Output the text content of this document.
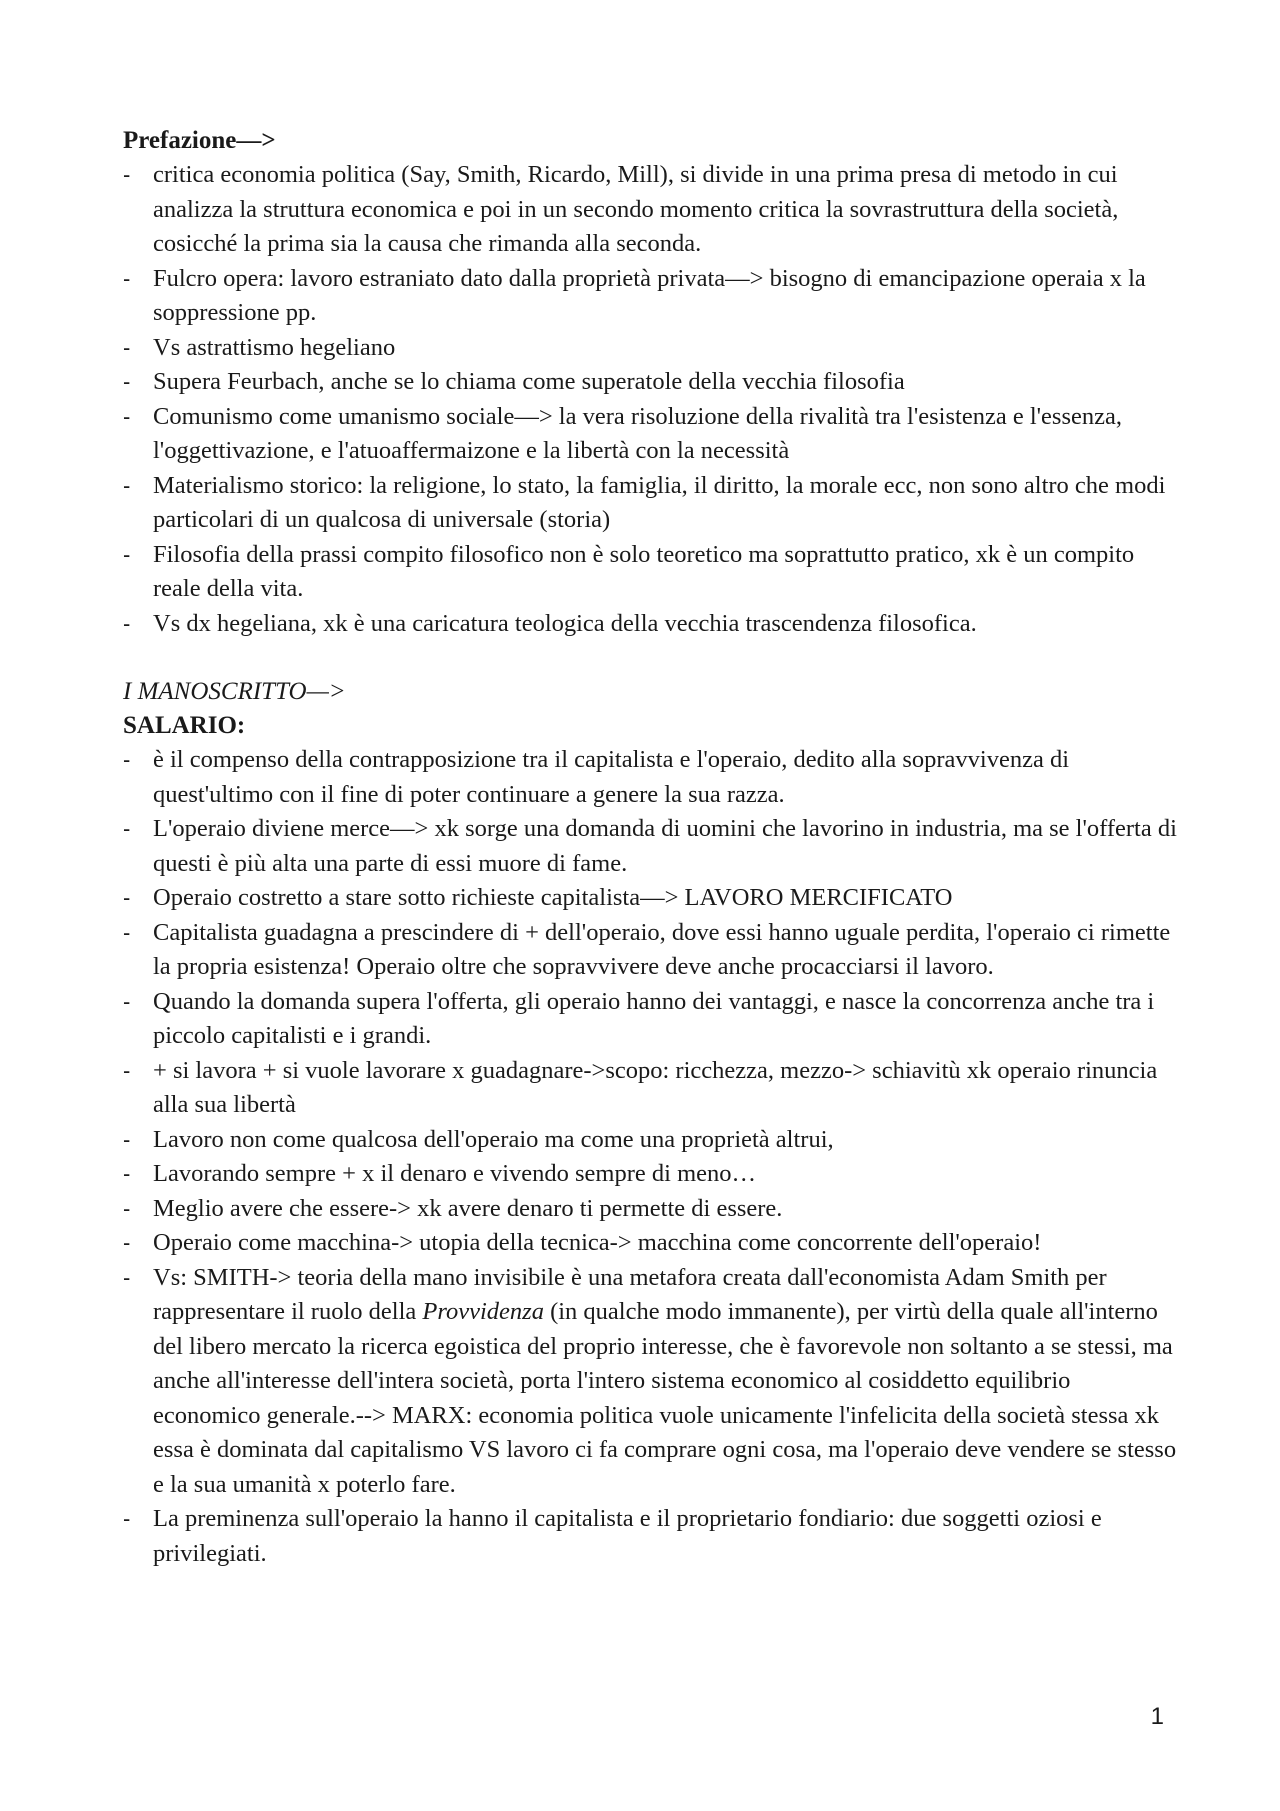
Prefazione—>

- critica economia politica (Say, Smith, Ricardo, Mill), si divide in una prima presa di metodo in cui analizza la struttura economica e poi in un secondo momento critica la sovrastruttura della società, cosicché la prima sia la causa che rimanda alla seconda.
- Fulcro opera: lavoro estraniato dato dalla proprietà privata—> bisogno di emancipazione operaia x la soppressione pp.
- Vs astrattismo hegeliano
- Supera Feurbach, anche se lo chiama come superatole della vecchia filosofia
- Comunismo come umanismo sociale—> la vera risoluzione della rivalità tra l'esistenza e l'essenza, l'oggettivazione, e l'atuoaffermaizone e la libertà con la necessità
- Materialismo storico: la religione, lo stato, la famiglia, il diritto, la morale ecc, non sono altro che modi particolari di un qualcosa di universale (storia)
- Filosofia della prassi compito filosofico non è solo teoretico ma soprattutto pratico, xk è un compito reale della vita.
- Vs dx hegeliana, xk è una caricatura teologica della vecchia trascendenza filosofica.

I MANOSCRITTO—>

SALARIO:

- è il compenso della contrapposizione tra il capitalista e l'operaio, dedito alla sopravvivenza di quest'ultimo con il fine di poter continuare a genere la sua razza.
- L'operaio diviene merce—> xk sorge una domanda di uomini che lavorino in industria, ma se l'offerta di questi è più alta una parte di essi muore di fame.
- Operaio costretto a stare sotto richieste capitalista—> LAVORO MERCIFICATO
- Capitalista guadagna a prescindere di + dell'operaio, dove essi hanno uguale perdita, l'operaio ci rimette la propria esistenza! Operaio oltre che sopravvivere deve anche procacciarsi il lavoro.
- Quando la domanda supera l'offerta, gli operaio hanno dei vantaggi, e nasce la concorrenza anche tra i piccolo capitalisti e i grandi.
- + si lavora + si vuole lavorare x guadagnare->scopo: ricchezza, mezzo-> schiavitù xk operaio rinuncia alla sua libertà
- Lavoro non come qualcosa dell'operaio ma come una proprietà altrui,
- Lavorando sempre + x il denaro e vivendo sempre di meno…
- Meglio avere che essere-> xk avere denaro ti permette di essere.
- Operaio come macchina-> utopia della tecnica-> macchina come concorrente dell'operaio!
- Vs: SMITH-> teoria della mano invisibile è una metafora creata dall'economista Adam Smith per rappresentare il ruolo della Provvidenza (in qualche modo immanente), per virtù della quale all'interno del libero mercato la ricerca egoistica del proprio interesse, che è favorevole non soltanto a se stessi, ma anche all'interesse dell'intera società, porta l'intero sistema economico al cosiddetto equilibrio economico generale.--> MARX: economia politica vuole unicamente l'infelicita della società stessa xk essa è dominata dal capitalismo VS lavoro ci fa comprare ogni cosa, ma l'operaio deve vendere se stesso e la sua umanità x poterlo fare.
- La preminenza sull'operaio la hanno il capitalista e il proprietario fondiario: due soggetti oziosi e privilegiati.
1
